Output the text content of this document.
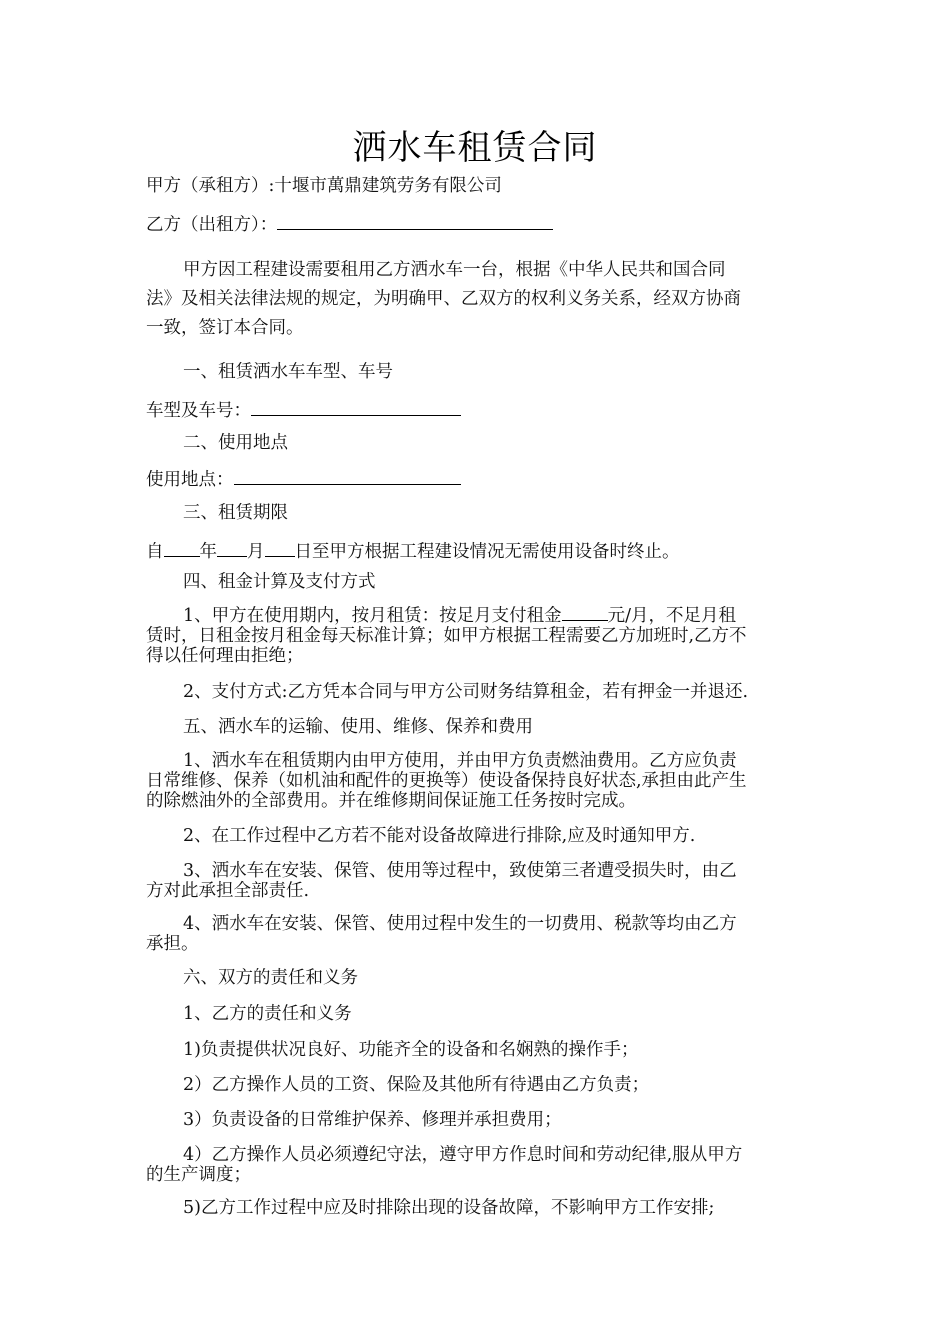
洒水车租赁合同
甲方（承租方）:十堰市萬鼎建筑劳务有限公司
乙方（出租方）：
甲方因工程建设需要租用乙方洒水车一台，根据《中华人民共和国合同
法》及相关法律法规的规定，为明确甲、乙双方的权利义务关系，经双方协商
一致，签订本合同。
一、租赁洒水车车型、车号
车型及车号：
二、使用地点
使用地点：
三、租赁期限
自 年 月 日至甲方根据工程建设情况无需使用设备时终止。
四、租金计算及支付方式
1、甲方在使用期内，按月租赁：按足月支付租金	元/月，不足月租
赁时，日租金按月租金每天标准计算；如甲方根据工程需要乙方加班时,乙方不
得以任何理由拒绝；
2、支付方式:乙方凭本合同与甲方公司财务结算租金，若有押金一并退还.
五、洒水车的运输、使用、维修、保养和费用
1、洒水车在租赁期内由甲方使用，并由甲方负责燃油费用。乙方应负责
日常维修、保养（如机油和配件的更换等）使设备保持良好状态,承担由此产生
的除燃油外的全部费用。并在维修期间保证施工任务按时完成。
2、在工作过程中乙方若不能对设备故障进行排除,应及时通知甲方.
3、洒水车在安装、保管、使用等过程中，致使第三者遭受损失时，由乙
方对此承担全部责任.
4、洒水车在安装、保管、使用过程中发生的一切费用、税款等均由乙方
承担。
六、双方的责任和义务
1、乙方的责任和义务
1)负责提供状况良好、功能齐全的设备和名娴熟的操作手；
2）乙方操作人员的工资、保险及其他所有待遇由乙方负责；
3）负责设备的日常维护保养、修理并承担费用；
4）乙方操作人员必须遵纪守法，遵守甲方作息时间和劳动纪律,服从甲方
的生产调度；
5)乙方工作过程中应及时排除出现的设备故障，不影响甲方工作安排;
